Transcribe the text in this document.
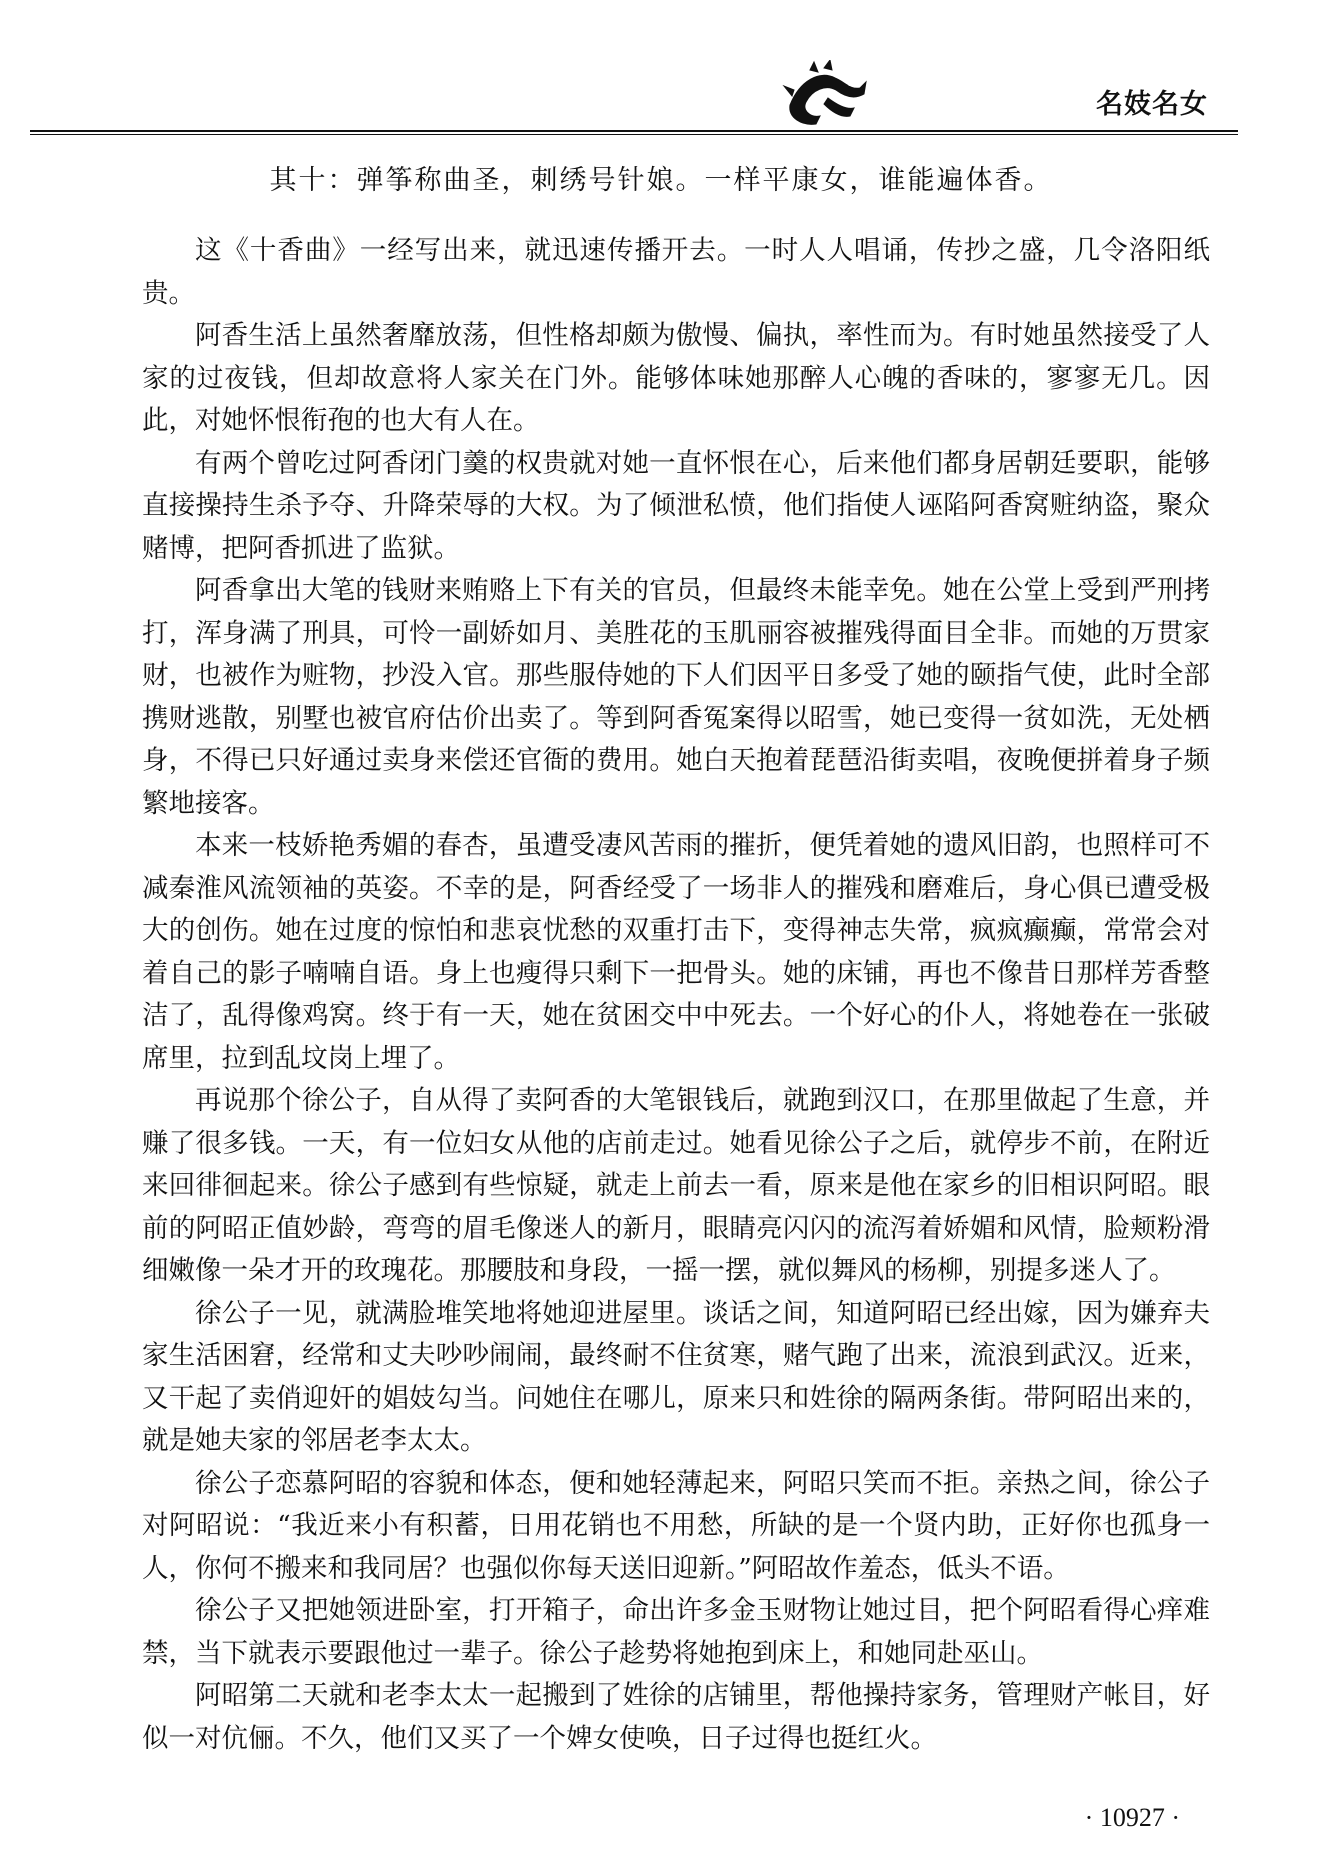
名妓名女
其十：弹筝称曲圣，刺绣号针娘。一样平康女，谁能遍体香。

这《十香曲》一经写出来，就迅速传播开去。一时人人唱诵，传抄之盛，几令洛阳纸贵。

阿香生活上虽然奢靡放荡，但性格却颇为傲慢、偏执，率性而为。有时她虽然接受了人家的过夜钱，但却故意将人家关在门外。能够体味她那醉人心魄的香味的，寥寥无几。因此，对她怀恨衔孢的也大有人在。

有两个曾吃过阿香闭门羹的权贵就对她一直怀恨在心，后来他们都身居朝廷要职，能够直接操持生杀予夺、升降荣辱的大权。为了倾泄私愤，他们指使人诬陷阿香窝赃纳盗，聚众赌博，把阿香抓进了监狱。

阿香拿出大笔的钱财来贿赂上下有关的官员，但最终未能幸免。她在公堂上受到严刑拷打，浑身满了刑具，可怜一副娇如月、美胜花的玉肌丽容被摧残得面目全非。而她的万贯家财，也被作为赃物，抄没入官。那些服侍她的下人们因平日多受了她的颐指气使，此时全部携财逃散，别墅也被官府估价出卖了。等到阿香冤案得以昭雪，她已变得一贫如洗，无处栖身，不得已只好通过卖身来偿还官衙的费用。她白天抱着琵琶沿街卖唱，夜晚便拼着身子频繁地接客。

本来一枝娇艳秀媚的春杏，虽遭受凄风苦雨的摧折，便凭着她的遗风旧韵，也照样可不减秦淮风流领袖的英姿。不幸的是，阿香经受了一场非人的摧残和磨难后，身心俱已遭受极大的创伤。她在过度的惊怕和悲哀忧愁的双重打击下，变得神志失常，疯疯癫癫，常常会对着自己的影子喃喃自语。身上也瘦得只剩下一把骨头。她的床铺，再也不像昔日那样芳香整洁了，乱得像鸡窝。终于有一天，她在贫困交中中死去。一个好心的仆人，将她卷在一张破席里，拉到乱坟岗上埋了。

再说那个徐公子，自从得了卖阿香的大笔银钱后，就跑到汉口，在那里做起了生意，并赚了很多钱。一天，有一位妇女从他的店前走过。她看见徐公子之后，就停步不前，在附近来回徘徊起来。徐公子感到有些惊疑，就走上前去一看，原来是他在家乡的旧相识阿昭。眼前的阿昭正值妙龄，弯弯的眉毛像迷人的新月，眼睛亮闪闪的流泻着娇媚和风情，脸颊粉滑细嫩像一朵才开的玫瑰花。那腰肢和身段，一摇一摆，就似舞风的杨柳，别提多迷人了。

徐公子一见，就满脸堆笑地将她迎进屋里。谈话之间，知道阿昭已经出嫁，因为嫌弃夫家生活困窘，经常和丈夫吵吵闹闹，最终耐不住贫寒，赌气跑了出来，流浪到武汉。近来，又干起了卖俏迎奸的娼妓勾当。问她住在哪儿，原来只和姓徐的隔两条街。带阿昭出来的，就是她夫家的邻居老李太太。

徐公子恋慕阿昭的容貌和体态，便和她轻薄起来，阿昭只笑而不拒。亲热之间，徐公子对阿昭说：“我近来小有积蓄，日用花销也不用愁，所缺的是一个贤内助，正好你也孤身一人，你何不搬来和我同居？也强似你每天送旧迎新。”阿昭故作羞态，低头不语。

徐公子又把她领进卧室，打开箱子，命出许多金玉财物让她过目，把个阿昭看得心痒难禁，当下就表示要跟他过一辈子。徐公子趁势将她抱到床上，和她同赴巫山。

阿昭第二天就和老李太太一起搬到了姓徐的店铺里，帮他操持家务，管理财产帐目，好似一对伉俪。不久，他们又买了一个婢女使唤，日子过得也挺红火。

· 10927 ·
